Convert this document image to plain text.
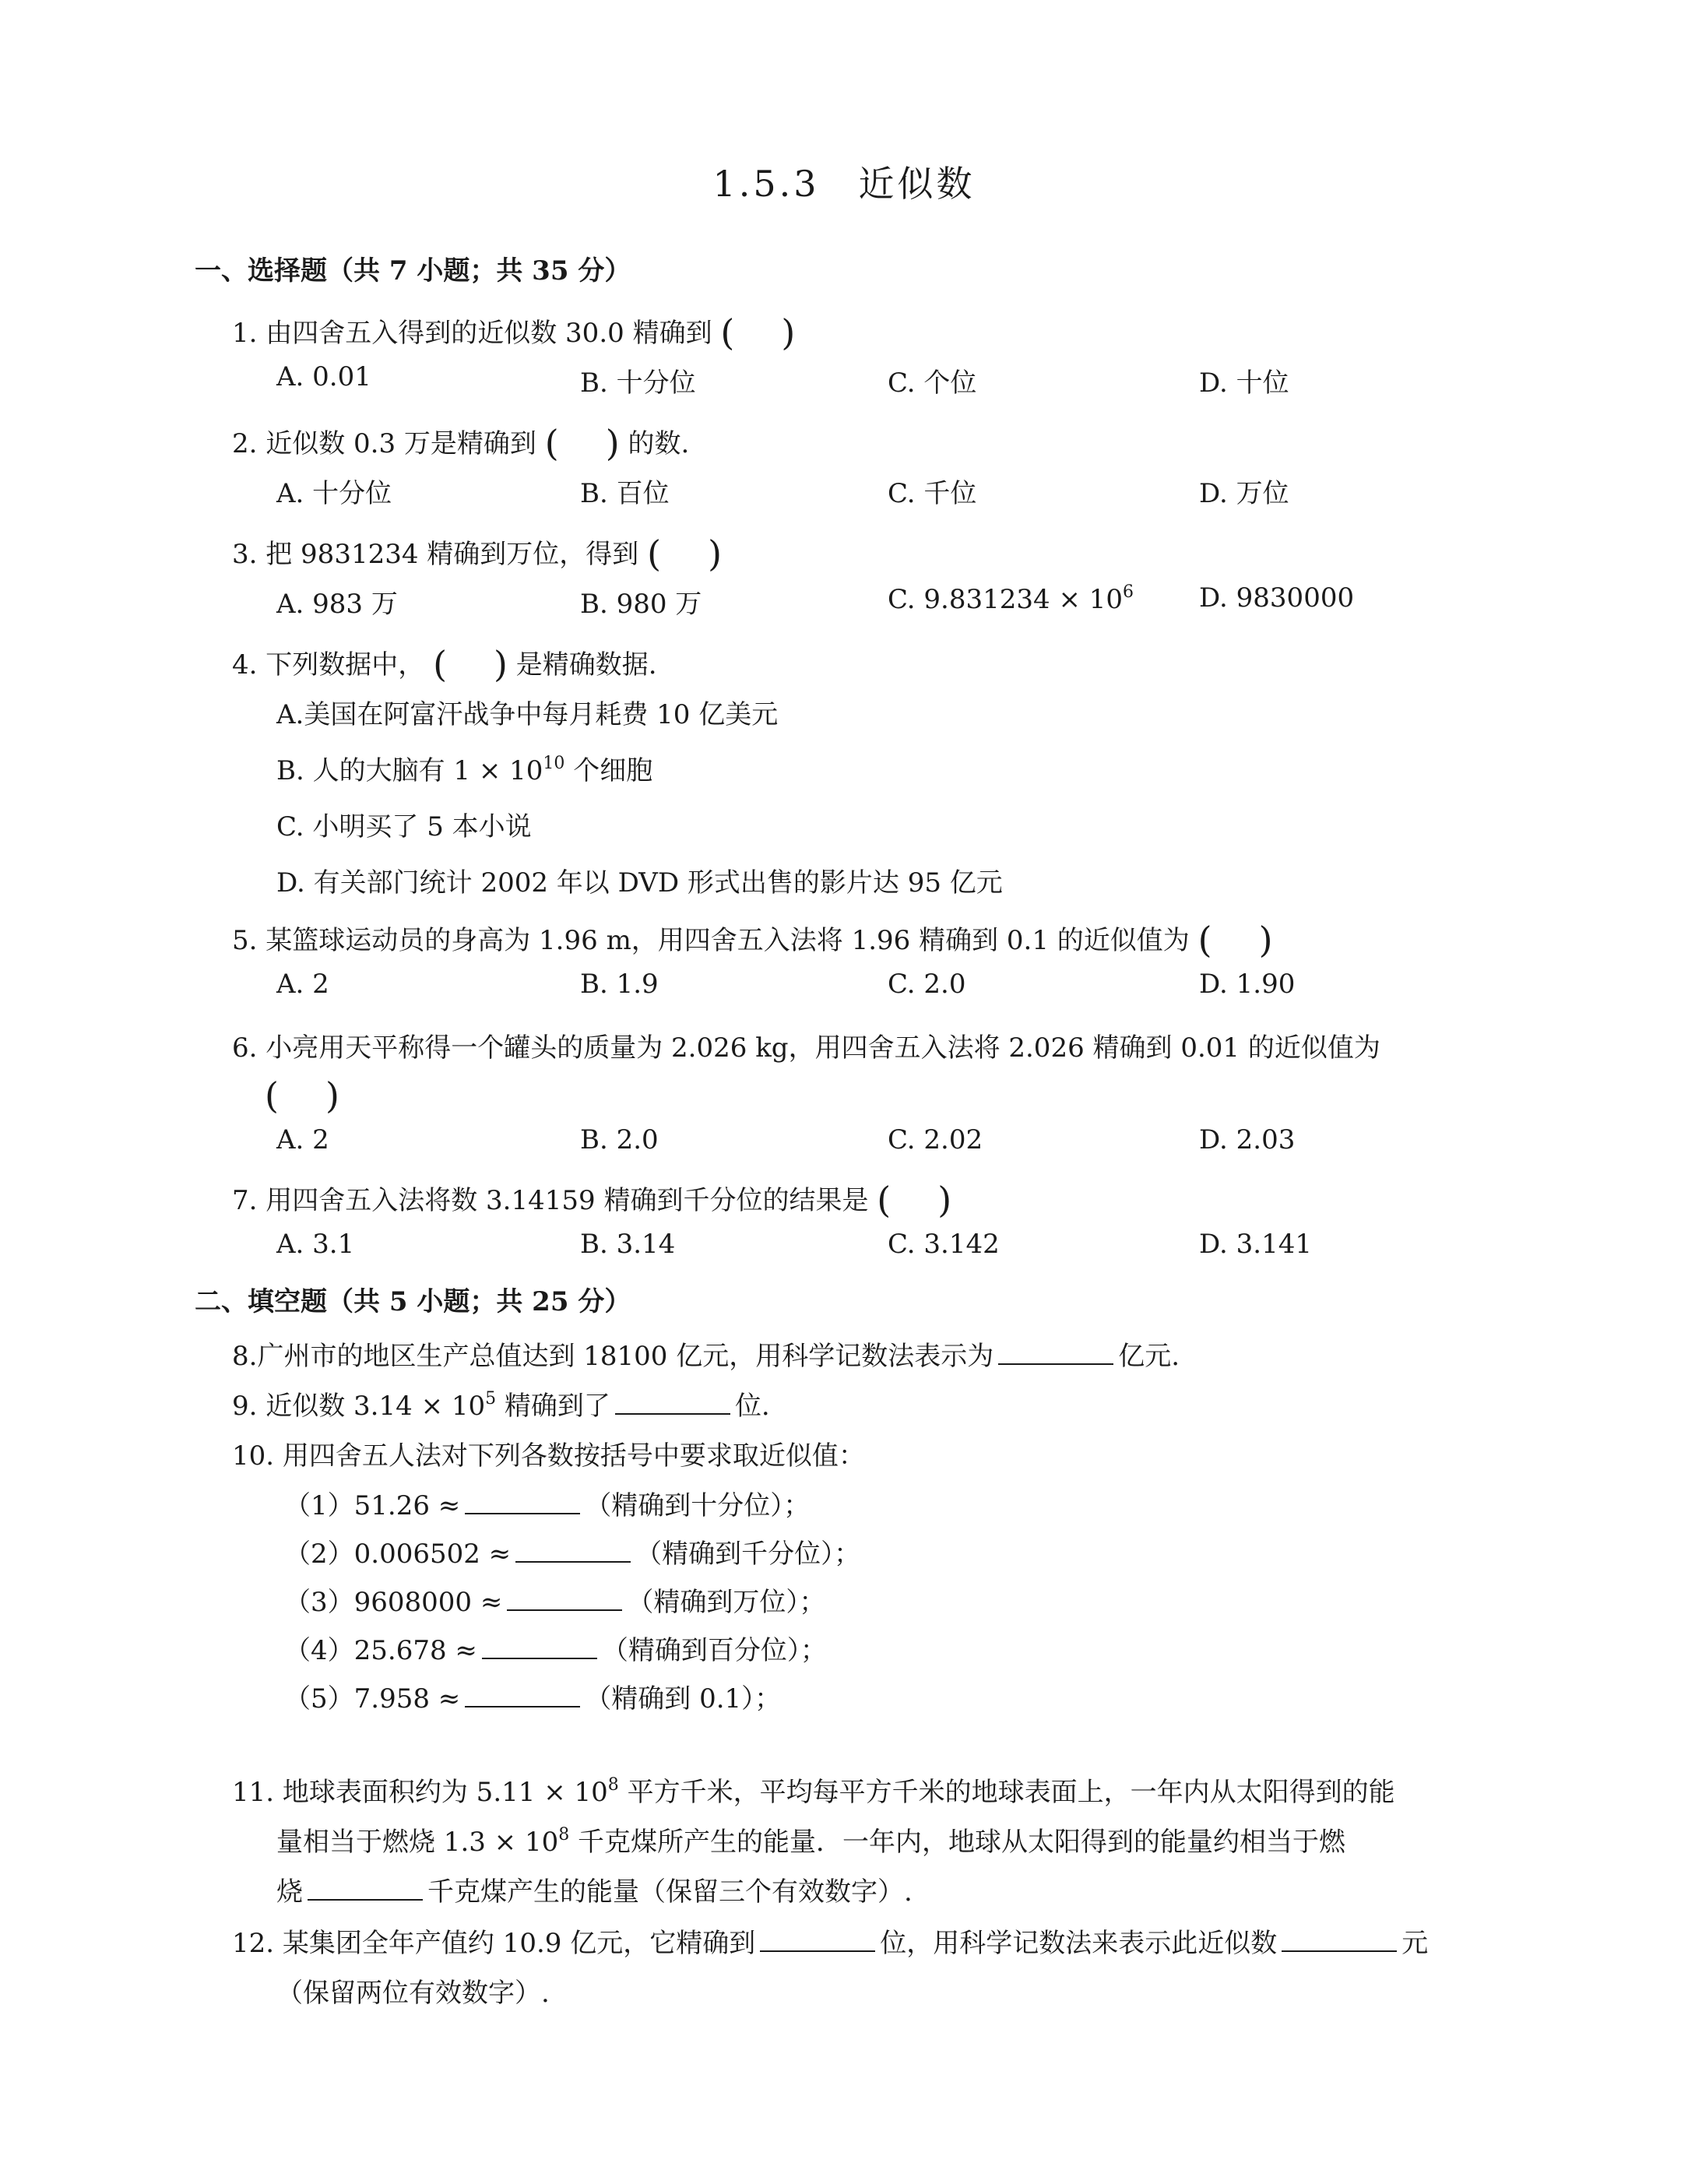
1.5.3　近似数
一、选择题（共 7 小题；共 35 分）
1. 由四舍五入得到的近似数 30.0 精确到 ( )
A. 0.01	B. 十分位	C. 个位	D. 十位
2. 近似数 0.3 万是精确到 ( ) 的数.
A. 十分位	B. 百位	C. 千位	D. 万位
3. 把 9831234 精确到万位，得到 ( )
A. 983 万	B. 980 万	C. $9.831234 \times 10^6$ D. 9830000
4. 下列数据中， ( ) 是精确数据.
A.美国在阿富汗战争中每月耗费 10 亿美元
B. 人的大脑有 $1 \times 10^{10}$ 个细胞
C. 小明买了 5 本小说
D. 有关部门统计 2002 年以 DVD 形式出售的影片达 95 亿元
5. 某篮球运动员的身高为 1.96 m，用四舍五入法将 1.96 精确到 0.1 的近似值为 ( )
A. 2	B. 1.9	C. 2.0	D. 1.90
6. 小亮用天平称得一个罐头的质量为 2.026 kg，用四舍五入法将 2.026 精确到 0.01 的近似值为
( )
A. 2	B. 2.0	C. 2.02	D. 2.03
7. 用四舍五入法将数 3.14159 精确到千分位的结果是 ( )
A. 3.1	B. 3.14	C. 3.142	D. 3.141
二、填空题（共 5 小题；共 25 分）
8.广州市的地区生产总值达到 18100 亿元，用科学记数法表示为	亿元.
9. 近似数 $3.14 \times 10^5$ 精确到了	位.
10. 用四舍五人法对下列各数按括号中要求取近似值：
（1）51.26 ≈	（精确到十分位）；
（2）0.006502 ≈	（精确到千分位）；
（3）9608000 ≈	（精确到万位）；
（4）25.678 ≈	（精确到百分位）；
（5）7.958 ≈	（精确到 0.1）；
11. 地球表面积约为 $5.11 \times 10^8$ 平方千米，平均每平方千米的地球表面上，一年内从太阳得到的能
量相当于燃烧 $1.3 \times 10^8$ 千克煤所产生的能量．一年内，地球从太阳得到的能量约相当于燃
烧	千克煤产生的能量（保留三个有效数字）.
12. 某集团全年产值约 10.9 亿元，它精确到	位，用科学记数法来表示此近似数	元
（保留两位有效数字）.
